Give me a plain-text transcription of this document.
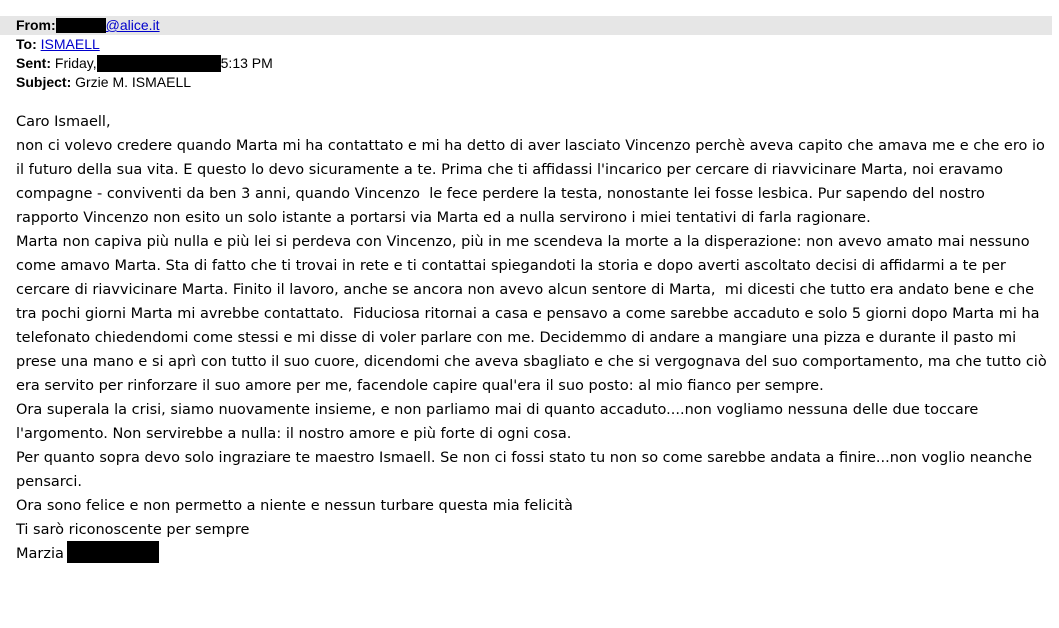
From:	@alice.it
To: ISMAELL
Sent: Friday,	5:13 PM
Subject: Grzie M. ISMAELL

Caro Ismaell,

non ci volevo credere quando Marta mi ha contattato e mi ha detto di aver lasciato Vincenzo perchè aveva capito che amava me e che ero io il futuro della sua vita. E questo lo devo sicuramente a te. Prima che ti affidassi l'incarico per cercare di riavvicinare Marta, noi eravamo compagne - conviventi da ben 3 anni, quando Vincenzo  le fece perdere la testa, nonostante lei fosse lesbica. Pur sapendo del nostro rapporto Vincenzo non esito un solo istante a portarsi via Marta ed a nulla servirono i miei tentativi di farla ragionare.

Marta non capiva più nulla e più lei si perdeva con Vincenzo, più in me scendeva la morte a la disperazione: non avevo amato mai nessuno come amavo Marta. Sta di fatto che ti trovai in rete e ti contattai spiegandoti la storia e dopo averti ascoltato decisi di affidarmi a te per cercare di riavvicinare Marta. Finito il lavoro, anche se ancora non avevo alcun sentore di Marta,  mi dicesti che tutto era andato bene e che tra pochi giorni Marta mi avrebbe contattato.  Fiduciosa ritornai a casa e pensavo a come sarebbe accaduto e solo 5 giorni dopo Marta mi ha telefonato chiedendomi come stessi e mi disse di voler parlare con me. Decidemmo di andare a mangiare una pizza e durante il pasto mi prese una mano e si aprì con tutto il suo cuore, dicendomi che aveva sbagliato e che si vergognava del suo comportamento, ma che tutto ciò era servito per rinforzare il suo amore per me, facendole capire qual'era il suo posto: al mio fianco per sempre.

Ora superala la crisi, siamo nuovamente insieme, e non parliamo mai di quanto accaduto....non vogliamo nessuna delle due toccare l'argomento. Non servirebbe a nulla: il nostro amore e più forte di ogni cosa.

Per quanto sopra devo solo ingraziare te maestro Ismaell. Se non ci fossi stato tu non so come sarebbe andata a finire...non voglio neanche pensarci.

Ora sono felice e non permetto a niente e nessun turbare questa mia felicità

Ti sarò riconoscente per sempre

Marzia
